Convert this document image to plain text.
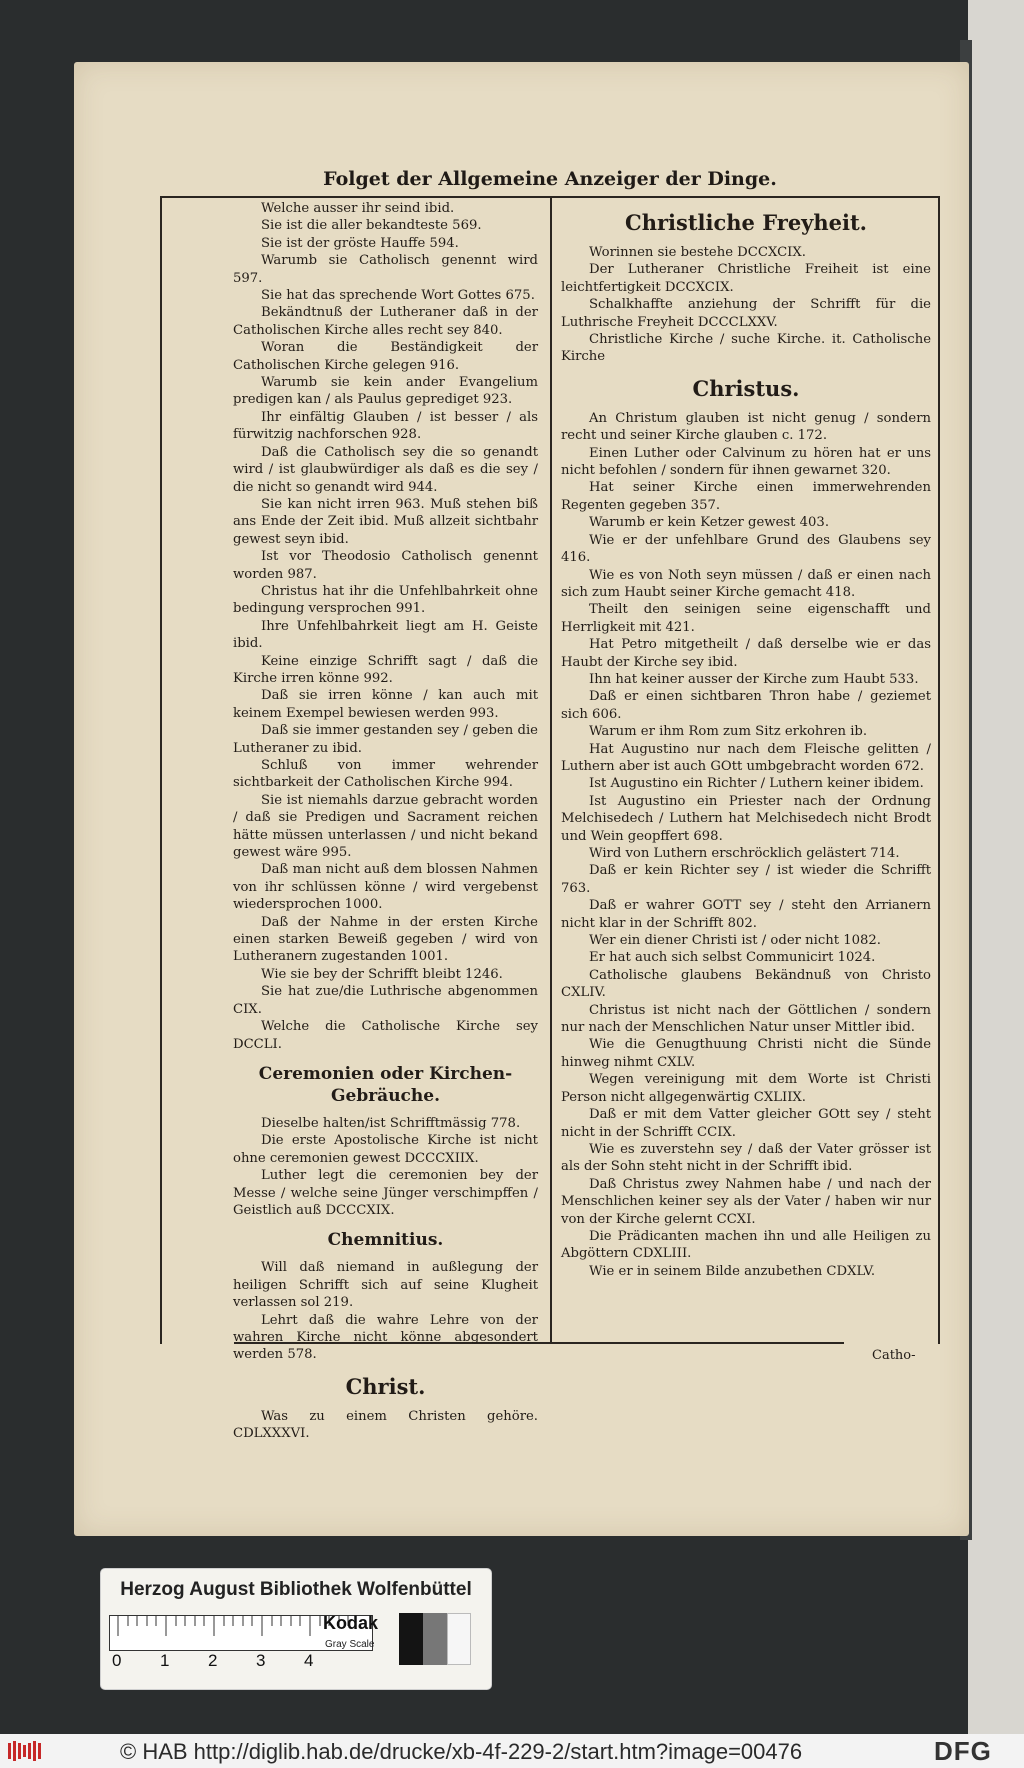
Folget der Allgemeine Anzeiger der Dinge.

Welche ausser ihr seind ibid.

Sie ist die aller bekandteste 569.

Sie ist der gröste Hauffe 594.

Warumb sie Catholisch genennt wird 597.

Sie hat das sprechende Wort Gottes 675.

Bekändtnuß der Lutheraner daß in der Catholischen Kirche alles recht sey 840.

Woran die Beständigkeit der Catholischen Kirche gelegen 916.

Warumb sie kein ander Evangelium predigen kan / als Paulus geprediget 923.

Ihr einfältig Glauben / ist besser / als fürwitzig nachforschen 928.

Daß die Catholisch sey die so genandt wird / ist glaubwürdiger als daß es die sey / die nicht so genandt wird 944.

Sie kan nicht irren 963. Muß stehen biß ans Ende der Zeit ibid. Muß allzeit sichtbahr gewest seyn ibid.

Ist vor Theodosio Catholisch genennt worden 987.

Christus hat ihr die Unfehlbahrkeit ohne bedingung versprochen 991.

Ihre Unfehlbahrkeit liegt am H. Geiste ibid.

Keine einzige Schrifft sagt / daß die Kirche irren könne 992.

Daß sie irren könne / kan auch mit keinem Exempel bewiesen werden 993.

Daß sie immer gestanden sey / geben die Lutheraner zu ibid.

Schluß von immer wehrender sichtbarkeit der Catholischen Kirche 994.

Sie ist niemahls darzue gebracht worden / daß sie Predigen und Sacrament reichen hätte müssen unterlassen / und nicht bekand gewest wäre 995.

Daß man nicht auß dem blossen Nahmen von ihr schlüssen könne / wird vergebenst wiedersprochen 1000.

Daß der Nahme in der ersten Kirche einen starken Beweiß gegeben / wird von Lutheranern zugestanden 1001.

Wie sie bey der Schrifft bleibt 1246.

Sie hat zue/die Luthrische abgenommen CIX.

Welche die Catholische Kirche sey DCCLI.

Ceremonien oder Kirchen-Gebräuche.

Dieselbe halten/ist Schrifftmässig 778.

Die erste Apostolische Kirche ist nicht ohne ceremonien gewest DCCCXIIX.

Luther legt die ceremonien bey der Messe / welche seine Jünger verschimpffen / Geistlich auß DCCCXIX.

Chemnitius.

Will daß niemand in außlegung der heiligen Schrifft sich auf seine Klugheit verlassen sol 219.

Lehrt daß die wahre Lehre von der wahren Kirche nicht könne abgesondert werden 578.

Christ.

Was zu einem Christen gehöre. CDLXXXVI.

Christliche Freyheit.

Worinnen sie bestehe DCCXCIX.

Der Lutheraner Christliche Freiheit ist eine leichtfertigkeit DCCXCIX.

Schalkhaffte anziehung der Schrifft für die Luthrische Freyheit DCCCLXXV.

Christliche Kirche / suche Kirche. it. Catholische Kirche

Christus.

An Christum glauben ist nicht genug / sondern recht und seiner Kirche glauben c. 172.

Einen Luther oder Calvinum zu hören hat er uns nicht befohlen / sondern für ihnen gewarnet 320.

Hat seiner Kirche einen immerwehrenden Regenten gegeben 357.

Warumb er kein Ketzer gewest 403.

Wie er der unfehlbare Grund des Glaubens sey 416.

Wie es von Noth seyn müssen / daß er einen nach sich zum Haubt seiner Kirche gemacht 418.

Theilt den seinigen seine eigenschafft und Herrligkeit mit 421.

Hat Petro mitgetheilt / daß derselbe wie er das Haubt der Kirche sey ibid.

Ihn hat keiner ausser der Kirche zum Haubt 533.

Daß er einen sichtbaren Thron habe / geziemet sich 606.

Warum er ihm Rom zum Sitz erkohren ib.

Hat Augustino nur nach dem Fleische gelitten / Luthern aber ist auch GOtt umbgebracht worden 672.

Ist Augustino ein Richter / Luthern keiner ibidem.

Ist Augustino ein Priester nach der Ordnung Melchisedech / Luthern hat Melchisedech nicht Brodt und Wein geopffert 698.

Wird von Luthern erschröcklich gelästert 714.

Daß er kein Richter sey / ist wieder die Schrifft 763.

Daß er wahrer GOTT sey / steht den Arrianern nicht klar in der Schrifft 802.

Wer ein diener Christi ist / oder nicht 1082.

Er hat auch sich selbst Communicirt 1024.

Catholische glaubens Bekändnuß von Christo CXLIV.

Christus ist nicht nach der Göttlichen / sondern nur nach der Menschlichen Natur unser Mittler ibid.

Wie die Genugthuung Christi nicht die Sünde hinweg nihmt CXLV.

Wegen vereinigung mit dem Worte ist Christi Person nicht allgegenwärtig CXLIIX.

Daß er mit dem Vatter gleicher GOtt sey / steht nicht in der Schrifft CCIX.

Wie es zuverstehn sey / daß der Vater grösser ist als der Sohn steht nicht in der Schrifft ibid.

Daß Christus zwey Nahmen habe / und nach der Menschlichen keiner sey als der Vater / haben wir nur von der Kirche gelernt CCXI.

Die Prädicanten machen ihn und alle Heiligen zu Abgöttern CDXLIII.

Wie er in seinem Bilde anzubethen CDXLV.

Catho-
Herzog August Bibliothek Wolfenbüttel
0 1 2 3 4
Kodak
Gray Scale
© HAB http://diglib.hab.de/drucke/xb-4f-229-2/start.htm?image=00476	DFG
